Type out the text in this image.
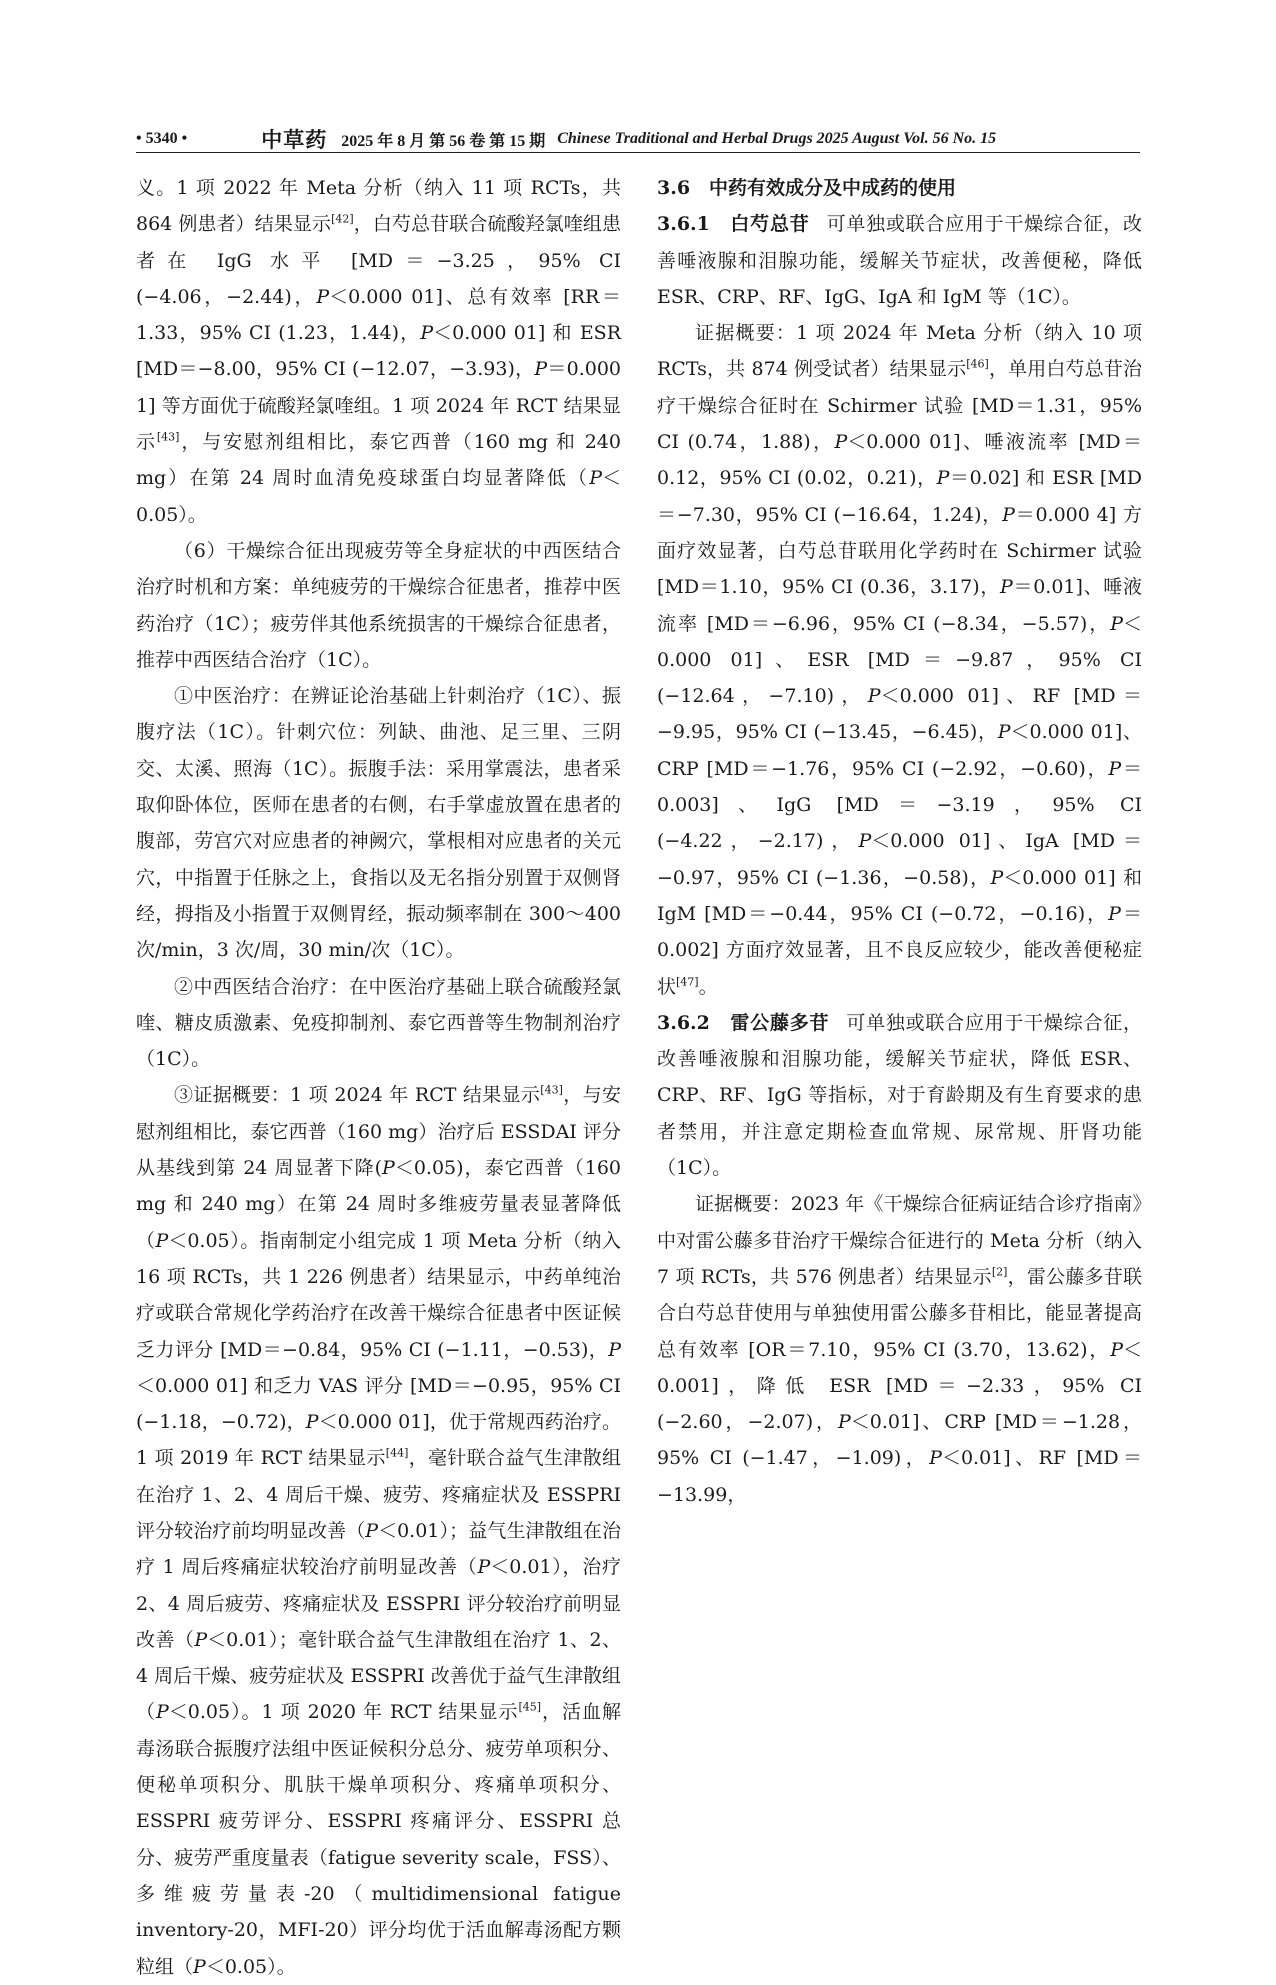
• 5340 •	中草药 2025 年 8 月 第 56 卷 第 15 期 Chinese Traditional and Herbal Drugs 2025 August Vol. 56 No. 15

义。1 项 2022 年 Meta 分析（纳入 11 项 RCTs，共 864 例患者）结果显示[42]，白芍总苷联合硫酸羟氯喹组患者在 IgG 水平 [MD＝−3.25，95% CI (−4.06，−2.44)，P＜0.000 01]、总有效率 [RR＝1.33，95% CI (1.23，1.44)，P＜0.000 01] 和 ESR [MD＝−8.00，95% CI (−12.07，−3.93)，P＝0.000 1] 等方面优于硫酸羟氯喹组。1 项 2024 年 RCT 结果显示[43]，与安慰剂组相比，泰它西普（160 mg 和 240 mg）在第 24 周时血清免疫球蛋白均显著降低（P＜0.05）。

（6）干燥综合征出现疲劳等全身症状的中西医结合治疗时机和方案：单纯疲劳的干燥综合征患者，推荐中医药治疗（1C）；疲劳伴其他系统损害的干燥综合征患者，推荐中西医结合治疗（1C）。

①中医治疗：在辨证论治基础上针刺治疗（1C）、振腹疗法（1C）。针刺穴位：列缺、曲池、足三里、三阴交、太溪、照海（1C）。振腹手法：采用掌震法，患者采取仰卧体位，医师在患者的右侧，右手掌虚放置在患者的腹部，劳宫穴对应患者的神阙穴，掌根相对应患者的关元穴，中指置于任脉之上，食指以及无名指分别置于双侧肾经，拇指及小指置于双侧胃经，振动频率制在 300～400 次/min，3 次/周，30 min/次（1C）。

②中西医结合治疗：在中医治疗基础上联合硫酸羟氯喹、糖皮质激素、免疫抑制剂、泰它西普等生物制剂治疗（1C）。

③证据概要：1 项 2024 年 RCT 结果显示[43]，与安慰剂组相比，泰它西普（160 mg）治疗后 ESSDAI 评分从基线到第 24 周显著下降(P＜0.05)，泰它西普（160 mg 和 240 mg）在第 24 周时多维疲劳量表显著降低（P＜0.05）。指南制定小组完成 1 项 Meta 分析（纳入 16 项 RCTs，共 1 226 例患者）结果显示，中药单纯治疗或联合常规化学药治疗在改善干燥综合征患者中医证候乏力评分 [MD＝−0.84，95% CI (−1.11，−0.53)，P＜0.000 01] 和乏力 VAS 评分 [MD＝−0.95，95% CI (−1.18，−0.72)，P＜0.000 01]，优于常规西药治疗。1 项 2019 年 RCT 结果显示[44]，毫针联合益气生津散组在治疗 1、2、4 周后干燥、疲劳、疼痛症状及 ESSPRI 评分较治疗前均明显改善（P＜0.01）；益气生津散组在治疗 1 周后疼痛症状较治疗前明显改善（P＜0.01），治疗 2、4 周后疲劳、疼痛症状及 ESSPRI 评分较治疗前明显改善（P＜0.01）；毫针联合益气生津散组在治疗 1、2、4 周后干燥、疲劳症状及 ESSPRI 改善优于益气生津散组（P＜0.05）。1 项 2020 年 RCT 结果显示[45]，活血解毒汤联合振腹疗法组中医证候积分总分、疲劳单项积分、便秘单项积分、肌肤干燥单项积分、疼痛单项积分、ESSPRI 疲劳评分、ESSPRI 疼痛评分、ESSPRI 总分、疲劳严重度量表（fatigue severity scale，FSS）、多维疲劳量表-20（multidimensional fatigue inventory-20，MFI-20）评分均优于活血解毒汤配方颗粒组（P＜0.05）。

3.6　中药有效成分及中成药的使用

3.6.1　 白芍总苷 可单独或联合应用于干燥综合征，改善唾液腺和泪腺功能，缓解关节症状，改善便秘，降低 ESR、CRP、RF、IgG、IgA 和 IgM 等（1C）。

证据概要：1 项 2024 年 Meta 分析（纳入 10 项 RCTs，共 874 例受试者）结果显示[46]，单用白芍总苷治疗干燥综合征时在 Schirmer 试验 [MD＝1.31，95% CI (0.74，1.88)，P＜0.000 01]、唾液流率 [MD＝0.12，95% CI (0.02，0.21)，P＝0.02] 和 ESR [MD＝−7.30，95% CI (−16.64，1.24)，P＝0.000 4] 方面疗效显著，白芍总苷联用化学药时在 Schirmer 试验 [MD＝1.10，95% CI (0.36，3.17)，P＝0.01]、唾液流率 [MD＝−6.96，95% CI (−8.34，−5.57)，P＜0.000 01]、ESR [MD＝−9.87，95% CI (−12.64，−7.10)，P＜0.000 01]、RF [MD＝−9.95，95% CI (−13.45，−6.45)，P＜0.000 01]、CRP [MD＝−1.76，95% CI (−2.92，−0.60)，P＝0.003]、IgG [MD＝−3.19，95% CI (−4.22，−2.17)，P＜0.000 01]、IgA [MD＝−0.97，95% CI (−1.36，−0.58)，P＜0.000 01] 和 IgM [MD＝−0.44，95% CI (−0.72，−0.16)，P＝0.002] 方面疗效显著，且不良反应较少，能改善便秘症状[47]。

3.6.2　 雷公藤多苷 可单独或联合应用于干燥综合征，改善唾液腺和泪腺功能，缓解关节症状，降低 ESR、CRP、RF、IgG 等指标，对于育龄期及有生育要求的患者禁用，并注意定期检查血常规、尿常规、肝肾功能（1C）。

证据概要：2023 年《干燥综合征病证结合诊疗指南》中对雷公藤多苷治疗干燥综合征进行的 Meta 分析（纳入 7 项 RCTs，共 576 例患者）结果显示[2]，雷公藤多苷联合白芍总苷使用与单独使用雷公藤多苷相比，能显著提高总有效率 [OR＝7.10，95% CI (3.70，13.62)，P＜0.001]，降低 ESR [MD＝−2.33，95% CI (−2.60，−2.07)，P＜0.01]、CRP [MD＝−1.28，95% CI (−1.47，−1.09)，P＜0.01]、RF [MD＝−13.99，
